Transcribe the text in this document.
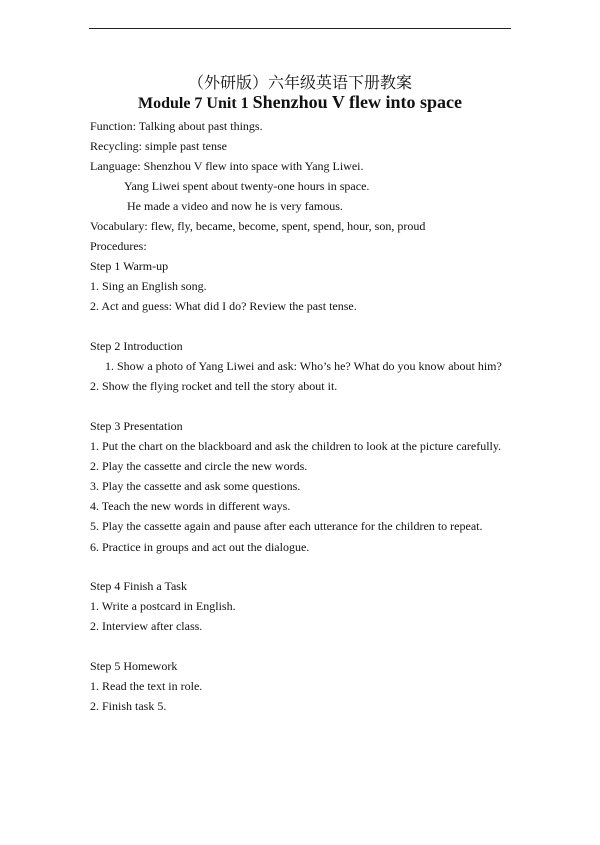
（外研版）六年级英语下册教案
Module 7 Unit 1 Shenzhou V flew into space
Function: Talking about past things.
Recycling: simple past tense
Language: Shenzhou V flew into space with Yang Liwei.
Yang Liwei spent about twenty-one hours in space.
He made a video and now he is very famous.
Vocabulary: flew, fly, became, become, spent, spend, hour, son, proud
Procedures:
Step 1 Warm-up
1. Sing an English song.
2. Act and guess: What did I do? Review the past tense.
Step 2 Introduction
1. Show a photo of Yang Liwei and ask: Who’s he? What do you know about him?
2. Show the flying rocket and tell the story about it.
Step 3 Presentation
1. Put the chart on the blackboard and ask the children to look at the picture carefully.
2. Play the cassette and circle the new words.
3. Play the cassette and ask some questions.
4. Teach the new words in different ways.
5. Play the cassette again and pause after each utterance for the children to repeat.
6. Practice in groups and act out the dialogue.
Step 4 Finish a Task
1. Write a postcard in English.
2. Interview after class.
Step 5 Homework
1. Read the text in role.
2. Finish task 5.
